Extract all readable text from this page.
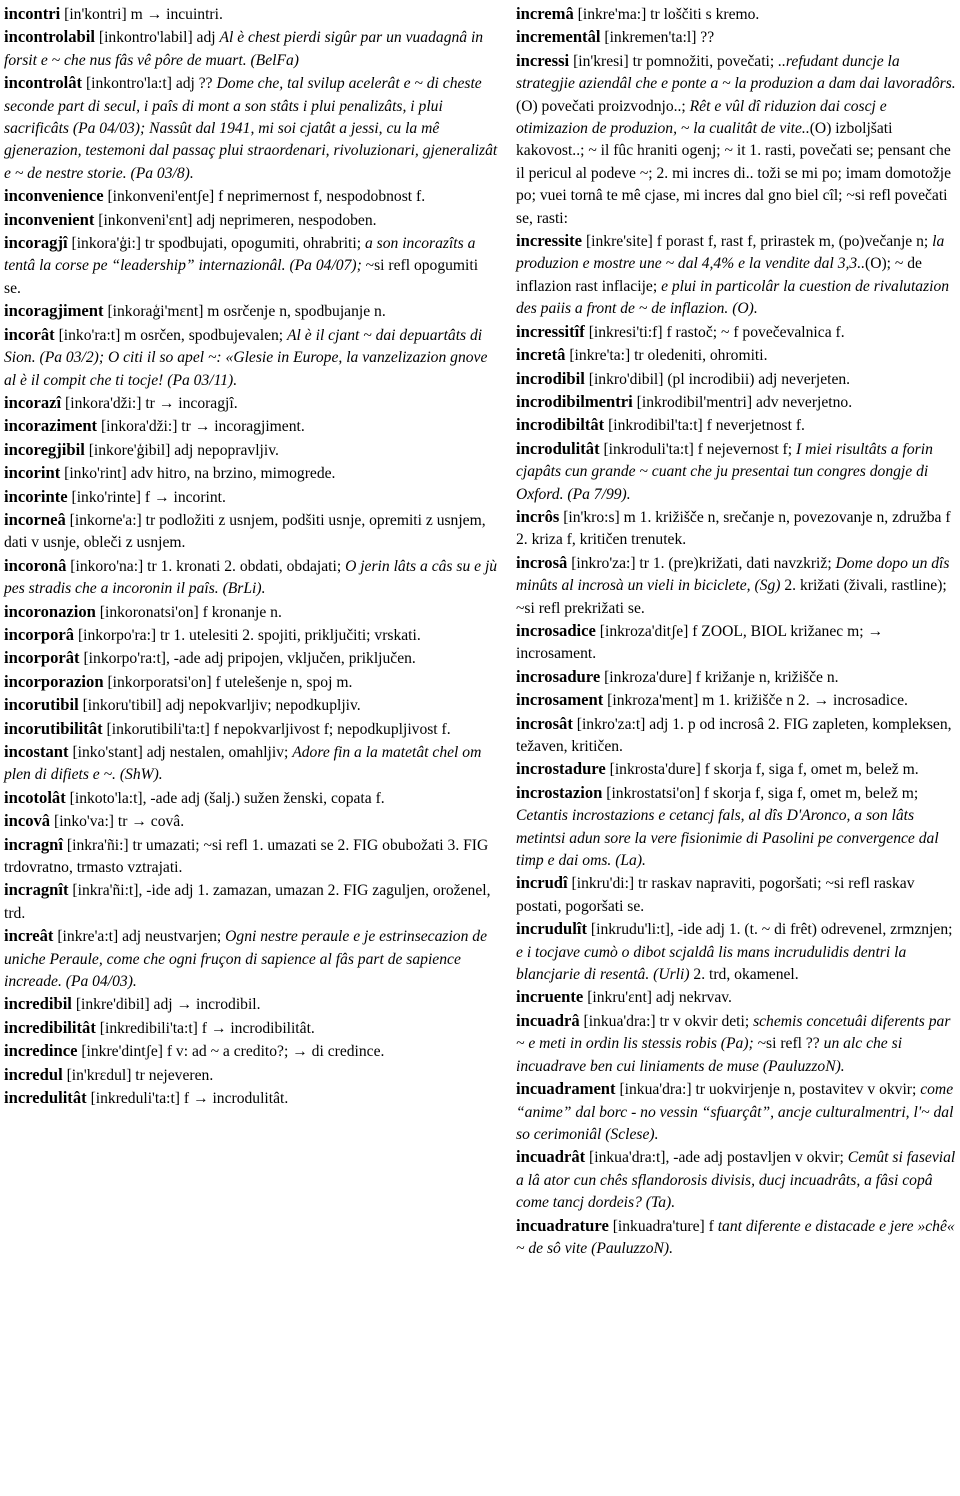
incontri [in'kontri] m → incuintri.

incontrolabil [inkontro'labil] adj Al è chest pierdi sigûr par un vuadagnâ in forsit e ~ che nus fâs vê pôre de muart. (BelFa)

incontrolât [inkontro'la:t] adj ?? Dome che, tal svilup acelerât e ~ di cheste seconde part di secul, i paîs di mont a son stâts i plui penalizâts, i plui sacrificâts (Pa 04/03); Nassût dal 1941, mi soi cjatât a jessi, cu la mê gjenerazion, testemoni dal passaç plui straordenari, rivoluzionari, gjeneralizât e ~ de nestre storie. (Pa 03/8).

inconvenience [inkonveni'entʃe] f neprimernost f, nespodobnost f.

inconvenient [inkonveni'ɛnt] adj neprimeren, nespodoben.

incoragjî [inkora'ģi:] tr spodbujati, opogumiti, ohrabriti; a son incorazîts a tentâ la corse pe “leadership” internazionâl. (Pa 04/07); ~si refl opogumiti se.

incoragjiment [inkoraģi'mɛnt] m osrčenje n, spodbujanje n.

incorât [inko'ra:t] m osrčen, spodbujevalen; Al è il cjant ~ dai depuartâts di Sion. (Pa 03/2); O citi il so apel ~: «Glesie in Europe, la vanzelizazion gnove al è il compit che ti tocje! (Pa 03/11).

incorazî [inkora'dži:] tr → incoragjî.

incoraziment [inkora'dži:] tr → incoragjiment.

incoregjibil [inkore'ģibil] adj nepopravljiv.

incorint [inko'rint] adv hitro, na brzino, mimogrede.

incorinte [inko'rinte] f → incorint.

incorneâ [inkorne'a:] tr podložiti z usnjem, podšiti usnje, opremiti z usnjem, dati v usnje, obleči z usnjem.

incoronâ [inkoro'na:] tr 1. kronati 2. obdati, obdajati; O jerin lâts a câs su e jù pes stradis che a incoronin il paîs. (BrLi).

incoronazion [inkoronatsi'on] f kronanje n.

incorporâ [inkorpo'ra:] tr 1. utelesiti 2. spojiti, priključiti; vrskati.

incorporât [inkorpo'ra:t], -ade adj pripojen, vključen, priključen.

incorporazion [inkorporatsi'on] f utelešenje n, spoj m.

incorutibil [inkoru'tibil] adj nepokvarljiv; nepodkupljiv.

incorutibilitât [inkorutibili'ta:t] f nepokvarljivost f; nepodkupljivost f.

incostant [inko'stant] adj nestalen, omahljiv; Adore fin a la matetât chel om plen di difiets e ~. (ShW).

incotolât [inkoto'la:t], -ade adj (šalj.) sužen ženski, copata f.

incovâ [inko'va:] tr → covâ.

incragnî [inkra'ñi:] tr umazati; ~si refl 1. umazati se 2. FIG obubožati 3. FIG trdovratno, trmasto vztrajati.

incragnît [inkra'ñi:t], -ide adj 1. zamazan, umazan 2. FIG zaguljen, oroženel, trd.

increât [inkre'a:t] adj neustvarjen; Ogni nestre peraule e je estrinsecazion de uniche Peraule, come che ogni fruçon di sapience al fâs part de sapience increade. (Pa 04/03).

incredibil [inkre'dibil] adj → incrodibil.

incredibilitât [inkredibili'ta:t] f → incrodibilitât.

incredince [inkre'dintʃe] f v: ad ~ a credito?; → di credince.

incredul [in'krɛdul] tr nejeveren.

incredulitât [inkreduli'ta:t] f → incrodulitât.

incremâ [inkre'ma:] tr loščiti s kremo.

incrementâl [inkremen'ta:l] ??

incressi [in'kresi] tr pomnožiti, povečati; ..refudant duncje la strategjie aziendâl che e ponte a ~ la produzion a dam dai lavoradôrs.(O) povečati proizvodnjo..; Rêt e vûl dî riduzion dai coscj e otimizazion de produzion, ~ la cualitât de vite..(O) izboljšati kakovost..; ~ il fûc hraniti ogenj; ~ it 1. rasti, povečati se; pensant che il pericul al podeve ~; 2. mi incres di.. toži se mi po; imam domotožje po; vuei tornâ te mê cjase, mi incres dal gno biel cîl; ~si refl povečati se, rasti:

incressite [inkre'site] f porast f, rast f, prirastek m, (po)večanje n; la produzion e mostre une ~ dal 4,4% e la vendite dal 3,3..(O); ~ de inflazion rast inflacije; e plui in particolâr la cuestion de rivalutazion des paiis a front de ~ de inflazion. (O).

incressitîf [inkresi'ti:f] f rastoč; ~ f povečevalnica f.

incretâ [inkre'ta:] tr oledeniti, ohromiti.

incrodibil [inkro'dibil] (pl incrodibii) adj neverjeten.

incrodibilmentri [inkrodibil'mentri] adv neverjetno.

incrodibiltât [inkrodibil'ta:t] f neverjetnost f.

incrodulitât [inkroduli'ta:t] f nejevernost f; I miei risultâts a forin cjapâts cun grande ~ cuant che ju presentai tun congres dongje di Oxford. (Pa 7/99).

incrôs [in'kro:s] m 1. križišče n, srečanje n, povezovanje n, združba f 2. kriza f, kritičen trenutek.

incrosâ [inkro'za:] tr 1. (pre)križati, dati navzkriž; Dome dopo un dîs minûts al incrosà un vieli in biciclete, (Sg) 2. križati (živali, rastline); ~si refl prekrižati se.

incrosadice [inkroza'ditʃe] f ZOOL, BIOL križanec m; → incrosament.

incrosadure [inkroza'dure] f križanje n, križišče n.

incrosament [inkroza'ment] m 1. križišče n 2. → incrosadice.

incrosât [inkro'za:t] adj 1. p od incrosâ 2. FIG zapleten, kompleksen, težaven, kritičen.

incrostadure [inkrosta'dure] f skorja f, siga f, omet m, belež m.

incrostazion [inkrostatsi'on] f skorja f, siga f, omet m, belež m; Cetantis incrostazions e cetancj fals, al dîs D'Aronco, a son lâts metintsi adun sore la vere fisionimie di Pasolini pe convergence dal timp e dai oms. (La).

incrudî [inkru'di:] tr raskav napraviti, pogoršati; ~si refl raskav postati, pogoršati se.

incrudulît [inkrudu'li:t], -ide adj 1. (t. ~ di frêt) odrevenel, zrmznjen; e i tocjave cumò o dibot scjaldâ lis mans incrudulidis dentri la blancjarie di resentâ. (Urli) 2. trd, okamenel.

incruente [inkru'ɛnt] adj nekrvav.

incuadrâ [inkua'dra:] tr v okvir deti; schemis concetuâi diferents par ~ e meti in ordin lis stessis robis (Pa); ~si refl ?? un alc che si incuadrave ben cui liniaments de muse (PauluzzoN).

incuadrament [inkua'dra:] tr uokvirjenje n, postavitev v okvir; come “anime” dal borc - no vessin “sfuarçât”, ancje culturalmentri, l'~ dal so cerimoniâl (Sclese).

incuadrât [inkua'dra:t], -ade adj postavljen v okvir; Cemût si fasevial a lâ ator cun chês sflandorosis divisis, ducj incuadrâts, a fâsi copâ come tancj dordeis? (Ta).

incuadrature [inkuadra'ture] f tant diferente e distacade e jere »chê« ~ de sô vite (PauluzzoN).
